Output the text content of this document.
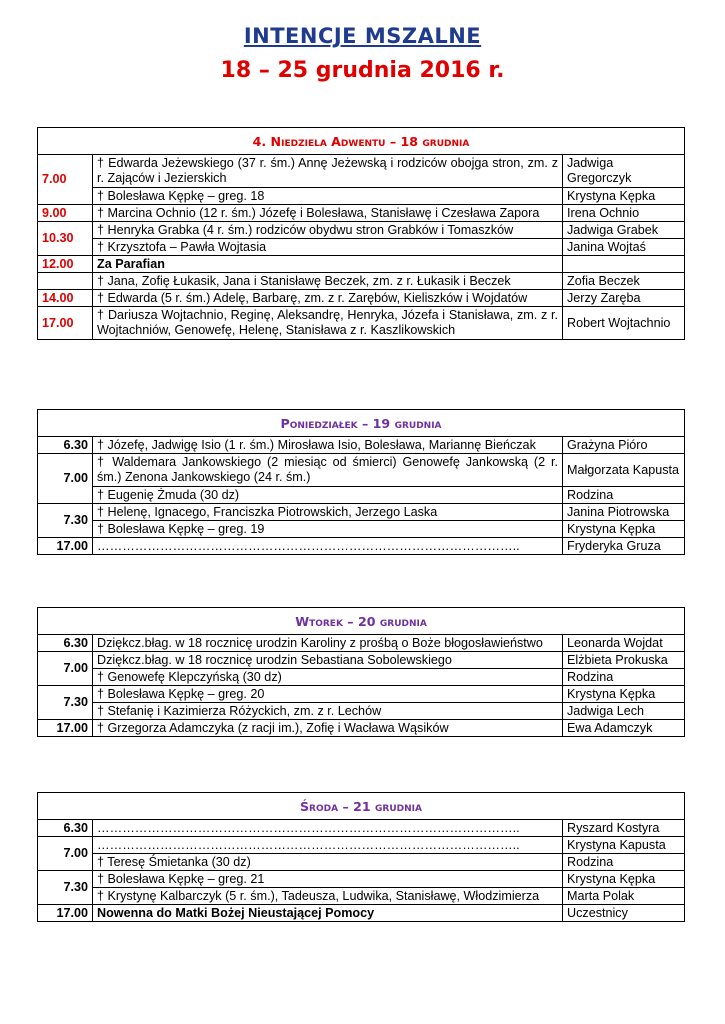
INTENCJE MSZALNE
18 – 25 grudnia 2016 r.
4. Niedziela Adwentu – 18 grudnia		
7.00	† Edwarda Jeżewskiego (37 r. śm.) Annę Jeżewską i rodziców obojga stron, zm. z r. Zająców i Jezierskich	Jadwiga Gregorczyk
	† Bolesława Kępkę – greg. 18	Krystyna Kępka
9.00	† Marcina Ochnio (12 r. śm.) Józefę i Bolesława, Stanisławę i Czesława Zapora	Irena Ochnio
10.30	† Henryka Grabka (4 r. śm.) rodziców obydwu stron Grabków i Tomaszków	Jadwiga Grabek
	† Krzysztofa – Pawła Wojtasia	Janina Wojtaś
12.00	Za Parafian	
	† Jana, Zofię Łukasik, Jana i Stanisławę Beczek, zm. z r. Łukasik i Beczek	Zofia Beczek
14.00	† Edwarda (5 r. śm.) Adelę, Barbarę, zm. z r. Zarębów, Kieliszków i Wojdatów	Jerzy Zaręba
17.00	† Dariusza Wojtachnio, Reginę, Aleksandrę, Henryka, Józefa i Stanisława, zm. z r. Wojtachniów, Genowefę, Helenę, Stanisława z r. Kaszlikowskich	Robert Wojtachnio
Poniedziałek – 19 grudnia		
6.30	† Józefę, Jadwigę Isio (1 r. śm.) Mirosława Isio, Bolesława, Mariannę Bieńczak	Grażyna Pióro
7.00	† Waldemara Jankowskiego (2 miesiąc od śmierci) Genowefę Jankowską (2 r. śm.) Zenona Jankowskiego (24 r. śm.)	Małgorzata Kapusta
	† Eugenię Żmuda (30 dz)	Rodzina
7.30	† Helenę, Ignacego, Franciszka Piotrowskich, Jerzego Laska	Janina Piotrowska
	† Bolesława Kępkę – greg. 19	Krystyna Kępka
17.00	………………………………………………………………………………………..	Fryderyka Gruza
Wtorek – 20 grudnia		
6.30	Dziękcz.błag. w 18 rocznicę urodzin Karoliny z prośbą o Boże błogosławieństwo	Leonarda Wojdat
7.00	Dziękcz.błag. w 18 rocznicę urodzin Sebastiana Sobolewskiego	Elżbieta Prokuska
	† Genowefę Klepczyńską (30 dz)	Rodzina
7.30	† Bolesława Kępkę – greg. 20	Krystyna Kępka
	† Stefanię i Kazimierza Różyckich, zm. z r. Lechów	Jadwiga Lech
17.00	† Grzegorza Adamczyka (z racji im.), Zofię i Wacława Wąsików	Ewa Adamczyk
Środa – 21 grudnia		
6.30	………………………………………………………………………………………..	Ryszard Kostyra
7.00	………………………………………………………………………………………..	Krystyna Kapusta
	† Teresę Śmietanka (30 dz)	Rodzina
7.30	† Bolesława Kępkę – greg. 21	Krystyna Kępka
	† Krystynę Kalbarczyk (5 r. śm.), Tadeusza, Ludwika, Stanisławę, Włodzimierza	Marta Polak
17.00	Nowenna do Matki Bożej Nieustającej Pomocy	Uczestnicy
